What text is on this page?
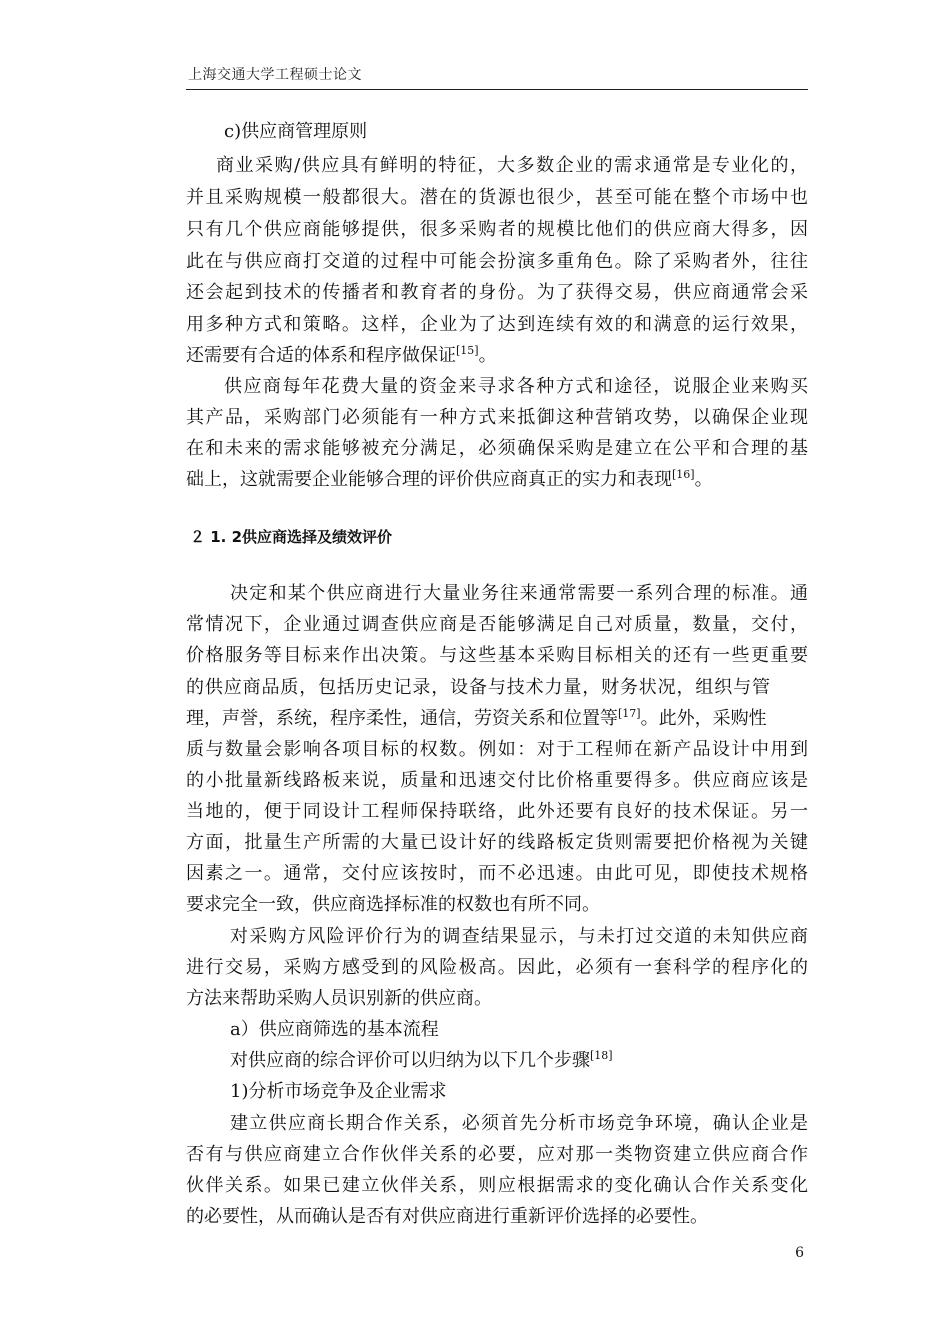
上海交通大学工程硕士论文
c)供应商管理原则
商业采购/供应具有鲜明的特征，大多数企业的需求通常是专业化的，
并且采购规模一般都很大。潜在的货源也很少，甚至可能在整个市场中也
只有几个供应商能够提供，很多采购者的规模比他们的供应商大得多，因
此在与供应商打交道的过程中可能会扮演多重角色。除了采购者外，往往
还会起到技术的传播者和教育者的身份。为了获得交易，供应商通常会采
用多种方式和策略。这样，企业为了达到连续有效的和满意的运行效果，
还需要有合适的体系和程序做保证[15]。
供应商每年花费大量的资金来寻求各种方式和途径，说服企业来购买
其产品，采购部门必须能有一种方式来抵御这种营销攻势，以确保企业现
在和未来的需求能够被充分满足，必须确保采购是建立在公平和合理的基
础上，这就需要企业能够合理的评价供应商真正的实力和表现[16]。
２ 1. 2供应商选择及绩效评价
决定和某个供应商进行大量业务往来通常需要一系列合理的标准。通
常情况下，企业通过调查供应商是否能够满足自己对质量，数量，交付，
价格服务等目标来作出决策。与这些基本采购目标相关的还有一些更重要
的供应商品质，包括历史记录，设备与技术力量，财务状况，组织与管
理，声誉，系统，程序柔性，通信，劳资关系和位置等[17]。此外，采购性
质与数量会影响各项目标的权数。例如：对于工程师在新产品设计中用到
的小批量新线路板来说，质量和迅速交付比价格重要得多。供应商应该是
当地的，便于同设计工程师保持联络，此外还要有良好的技术保证。另一
方面，批量生产所需的大量已设计好的线路板定货则需要把价格视为关键
因素之一。通常，交付应该按时，而不必迅速。由此可见，即使技术规格
要求完全一致，供应商选择标准的权数也有所不同。
对采购方风险评价行为的调查结果显示，与未打过交道的未知供应商
进行交易，采购方感受到的风险极高。因此，必须有一套科学的程序化的
方法来帮助采购人员识别新的供应商。
a）供应商筛选的基本流程
对供应商的综合评价可以归纳为以下几个步骤[18]
1)分析市场竞争及企业需求
建立供应商长期合作关系，必须首先分析市场竞争环境，确认企业是
否有与供应商建立合作伙伴关系的必要，应对那一类物资建立供应商合作
伙伴关系。如果已建立伙伴关系，则应根据需求的变化确认合作关系变化
的必要性，从而确认是否有对供应商进行重新评价选择的必要性。
6
